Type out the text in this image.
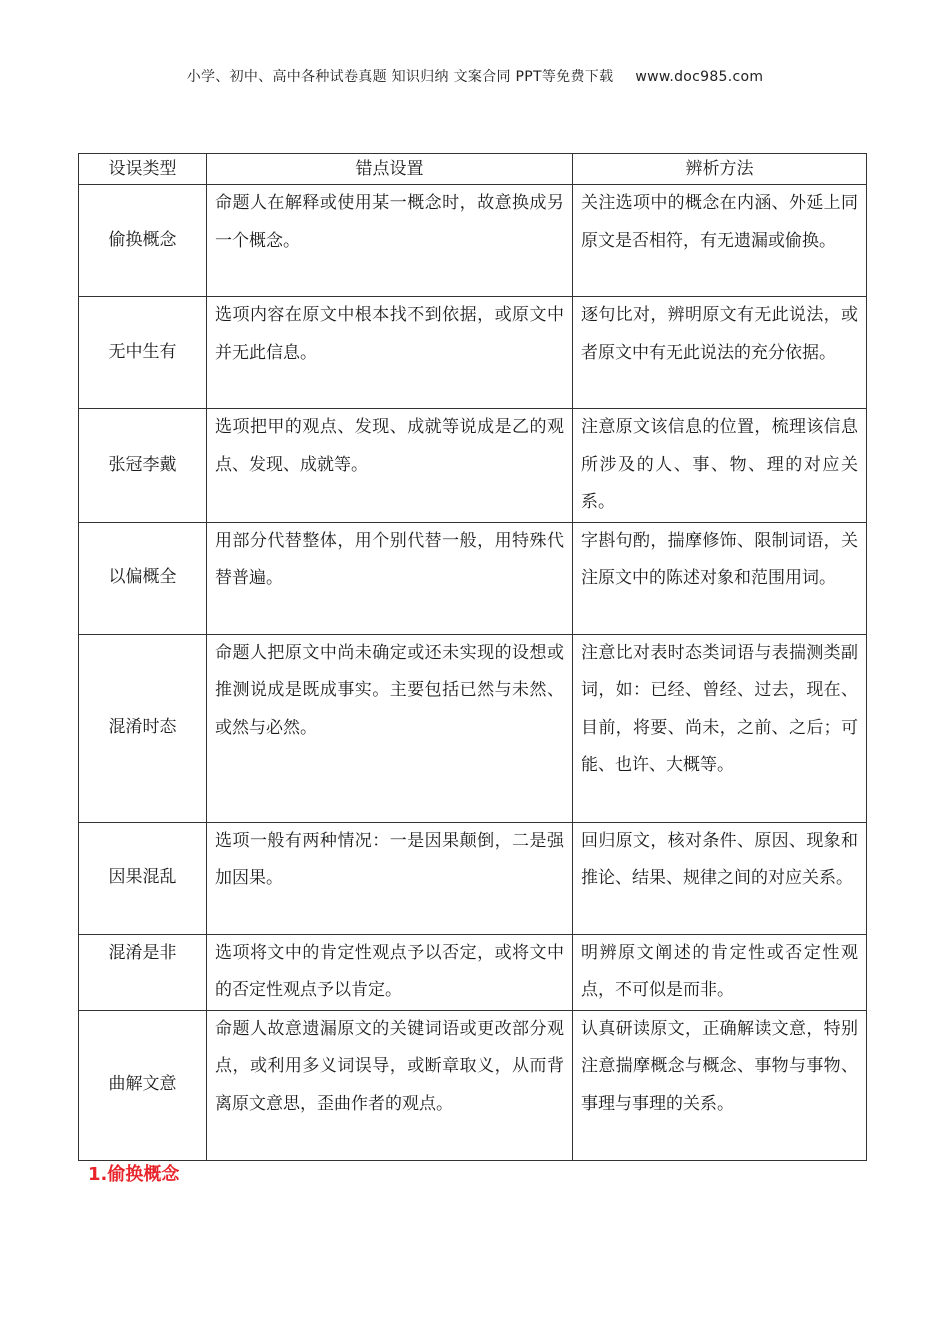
小学、初中、高中各种试卷真题 知识归纳 文案合同 PPT等免费下载 www.doc985.com
设误类型	错点设置	辨析方法
偷换概念	命题人在解释或使用某一概念时，故意换成另一个概念。	关注选项中的概念在内涵、外延上同原文是否相符，有无遗漏或偷换。
无中生有	选项内容在原文中根本找不到依据，或原文中并无此信息。	逐句比对，辨明原文有无此说法，或者原文中有无此说法的充分依据。
张冠李戴	选项把甲的观点、发现、成就等说成是乙的观点、发现、成就等。	注意原文该信息的位置，梳理该信息所涉及的人、事、物、理的对应关系。
以偏概全	用部分代替整体，用个别代替一般，用特殊代替普遍。	字斟句酌，揣摩修饰、限制词语，关注原文中的陈述对象和范围用词。
混淆时态	命题人把原文中尚未确定或还未实现的设想或推测说成是既成事实。主要包括已然与未然、或然与必然。	注意比对表时态类词语与表揣测类副词，如：已经、曾经、过去，现在、目前，将要、尚未，之前、之后；可能、也许、大概等。
因果混乱	选项一般有两种情况：一是因果颠倒，二是强加因果。	回归原文，核对条件、原因、现象和推论、结果、规律之间的对应关系。
混淆是非	选项将文中的肯定性观点予以否定，或将文中的否定性观点予以肯定。	明辨原文阐述的肯定性或否定性观点，不可似是而非。
曲解文意	命题人故意遗漏原文的关键词语或更改部分观点，或利用多义词误导，或断章取义，从而背离原文意思，歪曲作者的观点。	认真研读原文，正确解读文意，特别注意揣摩概念与概念、事物与事物、事理与事理的关系。
1.偷换概念
